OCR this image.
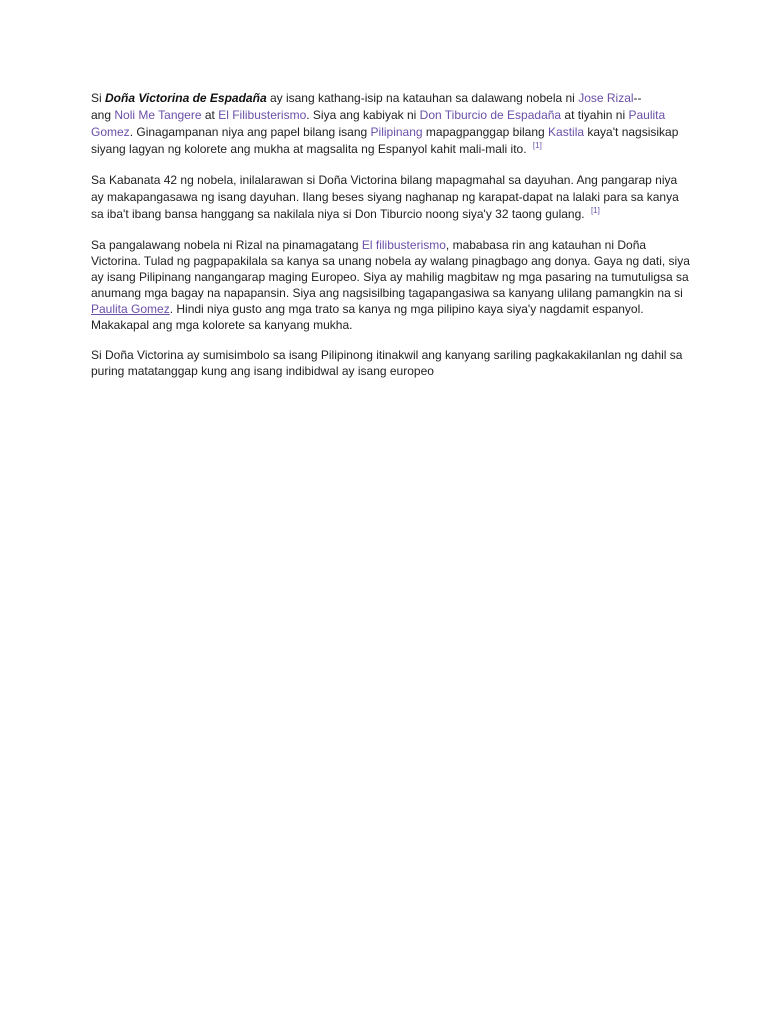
Si Doña Victorina de Espadaña ay isang kathang-isip na katauhan sa dalawang nobela ni Jose Rizal--
ang Noli Me Tangere at El Filibusterismo. Siya ang kabiyak ni Don Tiburcio de Espadaña at tiyahin ni Paulita Gomez. Ginagampanan niya ang papel bilang isang Pilipinang mapagpanggap bilang Kastila kaya't nagsisikap siyang lagyan ng kolorete ang mukha at magsalita ng Espanyol kahit mali-mali ito. [1]

Sa Kabanata 42 ng nobela, inilalarawan si Doña Victorina bilang mapagmahal sa dayuhan. Ang pangarap niya ay makapangasawa ng isang dayuhan. Ilang beses siyang naghanap ng karapat-dapat na lalaki para sa kanya sa iba't ibang bansa hanggang sa nakilala niya si Don Tiburcio noong siya'y 32 taong gulang. [1]

Sa pangalawang nobela ni Rizal na pinamagatang El filibusterismo, mababasa rin ang katauhan ni Doña Victorina. Tulad ng pagpapakilala sa kanya sa unang nobela ay walang pinagbago ang donya. Gaya ng dati, siya ay isang Pilipinang nangangarap maging Europeo. Siya ay mahilig magbitaw ng mga pasaring na tumutuligsa sa anumang mga bagay na napapansin. Siya ang nagsisilbing tagapangasiwa sa kanyang ulilang pamangkin na si Paulita Gomez. Hindi niya gusto ang mga trato sa kanya ng mga pilipino kaya siya'y nagdamit espanyol. Makakapal ang mga kolorete sa kanyang mukha.

Si Doña Victorina ay sumisimbolo sa isang Pilipinong itinakwil ang kanyang sariling pagkakakilanlan ng dahil sa puring matatanggap kung ang isang indibidwal ay isang europeo
